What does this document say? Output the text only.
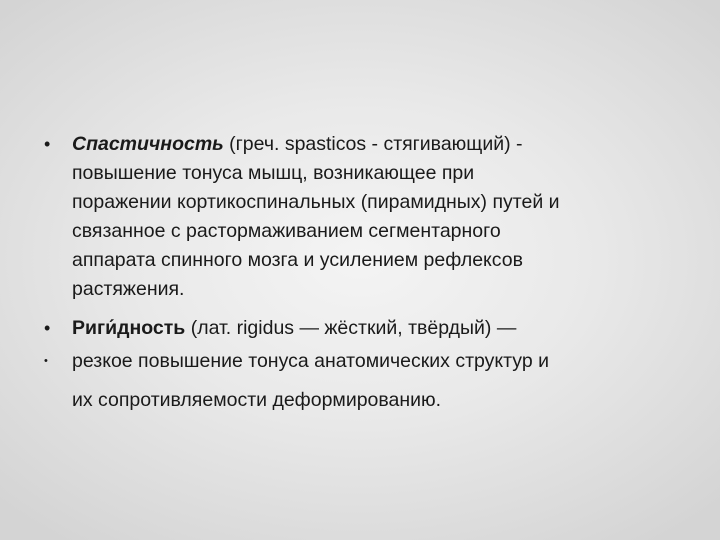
•	Спастичность (греч. spasticos - стягивающий) -
повышение тонуса мышц, возникающее при
поражении кортикоспинальных (пирамидных) путей и
связанное с растормаживанием сегментарного
аппарата спинного мозга и усилением рефлексов
растяжения.
•	Риги́дность (лат. rigidus — жёсткий, твёрдый) —
•	резкое повышение тонуса анатомических структур и
их сопротивляемости деформированию.
